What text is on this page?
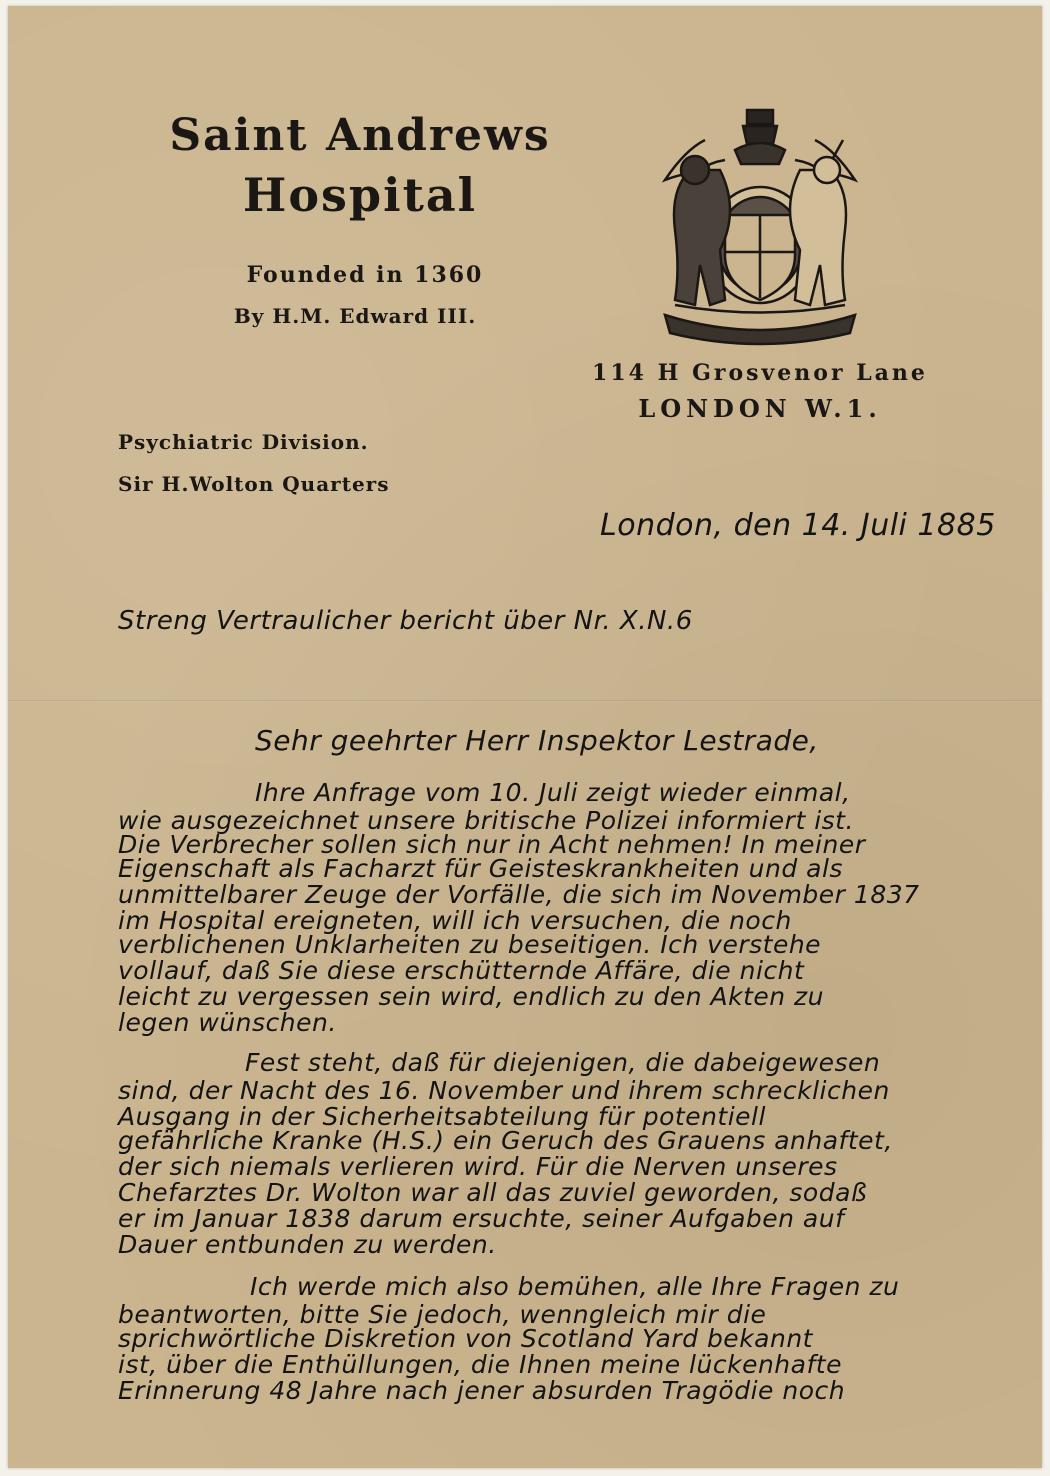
Saint Andrews
Hospital
Founded in 1360
By H.M. Edward III.
114 H Grosvenor Lane
LONDON W.1.
Psychiatric Division.
Sir H.Wolton Quarters
London, den 14. Juli 1885
Streng Vertraulicher bericht über Nr. X.N.6
Sehr geehrter Herr Inspektor Lestrade,
Ihre Anfrage vom 10. Juli zeigt wieder einmal,
wie ausgezeichnet unsere britische Polizei informiert ist.
Die Verbrecher sollen sich nur in Acht nehmen! In meiner
Eigenschaft als Facharzt für Geisteskrankheiten und als
unmittelbarer Zeuge der Vorfälle, die sich im November 1837
im Hospital ereigneten, will ich versuchen, die noch
verblichenen Unklarheiten zu beseitigen. Ich verstehe
vollauf, daß Sie diese erschütternde Affäre, die nicht
leicht zu vergessen sein wird, endlich zu den Akten zu
legen wünschen.
Fest steht, daß für diejenigen, die dabeigewesen
sind, der Nacht des 16. November und ihrem schrecklichen
Ausgang in der Sicherheitsabteilung für potentiell
gefährliche Kranke (H.S.) ein Geruch des Grauens anhaftet,
der sich niemals verlieren wird. Für die Nerven unseres
Chefarztes Dr. Wolton war all das zuviel geworden, sodaß
er im Januar 1838 darum ersuchte, seiner Aufgaben auf
Dauer entbunden zu werden.
Ich werde mich also bemühen, alle Ihre Fragen zu
beantworten, bitte Sie jedoch, wenngleich mir die
sprichwörtliche Diskretion von Scotland Yard bekannt
ist, über die Enthüllungen, die Ihnen meine lückenhafte
Erinnerung 48 Jahre nach jener absurden Tragödie noch
